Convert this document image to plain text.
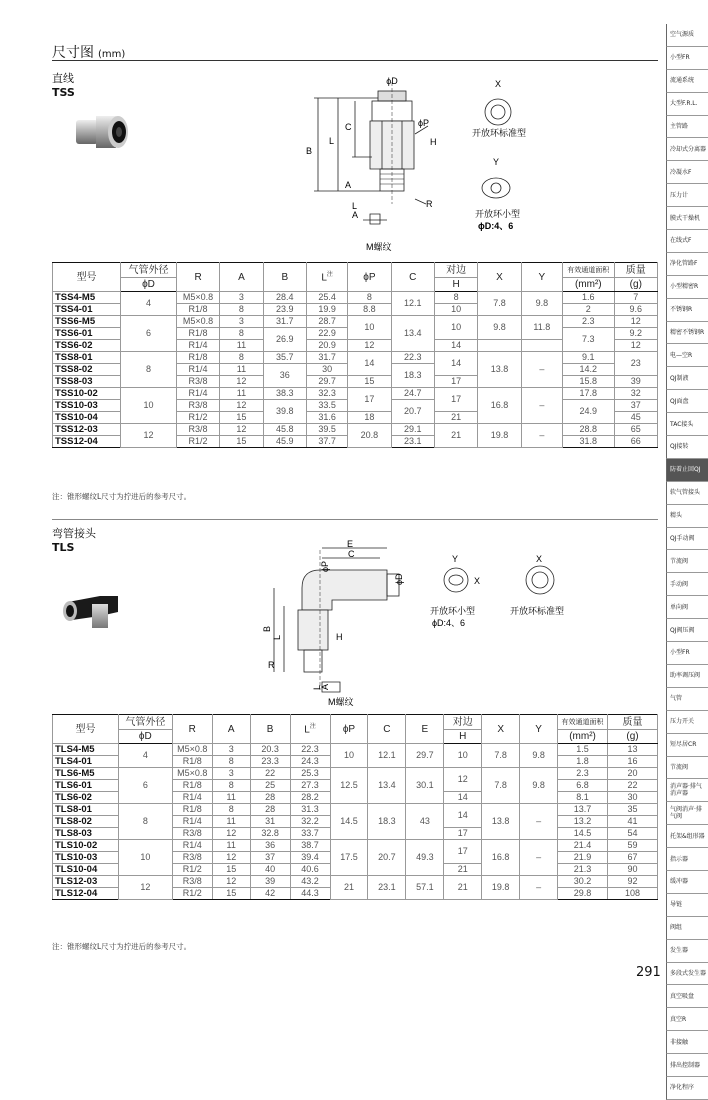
尺寸图 (mm)
直线
TSS
ϕD	X
Y
ϕP
C
L
B
H
A
R
开放环标准型
开放环小型
ϕD:4、6
A
L
M螺纹
型号	气管外径	R	A	B	$L^注$	ϕP	C	对边	X	Y	有效通道面积	质量
	ϕD							H			(mm²)	(g)
TSS4-M5	4	M5×0.8	3	28.4	25.4	8	12.1	8	7.8	9.8	1.6	7
TSS4-01		R1/8	8	23.9	19.9	8.8		10			2	9.6
TSS6-M5	6	M5×0.8	3	31.7	28.7	10	13.4	10	9.8	11.8	2.3	12
TSS6-01		R1/8	8	26.9	22.9						7.3	9.2
TSS6-02		R1/4	11		20.9	12		14				12
TSS8-01	8	R1/8	8	35.7	31.7	14	22.3	14	13.8	–	9.1	23
TSS8-02		R1/4	11	36	30		18.3				14.2	
TSS8-03		R3/8	12		29.7	15		17			15.8	39
TSS10-02	10	R1/4	11	38.3	32.3	17	24.7	17	16.8	–	17.8	32
TSS10-03		R3/8	12	39.8	33.5		20.7				24.9	37
TSS10-04		R1/2	15		31.6	18		21				45
TSS12-03	12	R3/8	12	45.8	39.5	20.8	29.1	21	19.8	–	28.8	65
TSS12-04		R1/2	15	45.9	37.7		23.1				31.8	66
注：锥形螺纹L尺寸为拧进后的参考尺寸。
弯管接头
TLS	E
ϕP
ϕD
C
B
L	H
R
A
L
M螺纹
Y
X
X
开放环小型
ϕD:4、6
开放环标准型
型号	气管外径	R	A	B	$L^注$	ϕP	C	E	对边	X	Y	有效通道面积	质量
	ϕD								H			(mm²)	(g)
TLS4-M5	4	M5×0.8	3	20.3	22.3	10	12.1	29.7	10	7.8	9.8	1.5	13
TLS4-01		R1/8	8	23.3	24.3							1.8	16
TLS6-M5	6	M5×0.8	3	22	25.3	12.5	13.4	30.1	12	7.8	9.8	2.3	20
TLS6-01		R1/8	8	25	27.3							6.8	22
TLS6-02		R1/4	11	28	28.2				14			8.1	30
TLS8-01	8	R1/8	8	28	31.3	14.5	18.3	43	14	13.8	–	13.7	35
TLS8-02		R1/4	11	31	32.2							13.2	41
TLS8-03		R3/8	12	32.8	33.7				17			14.5	54
TLS10-02	10	R1/4	11	36	38.7	17.5	20.7	49.3	17	16.8	–	21.4	59
TLS10-03		R3/8	12	37	39.4							21.9	67
TLS10-04		R1/2	15	40	40.6				21			21.3	90
TLS12-03	12	R3/8	12	39	43.2	21	23.1	57.1	21	19.8	–	30.2	92
TLS12-04		R1/2	15	42	44.3							29.8	108
注：锥形螺纹L尺寸为拧进后的参考尺寸。
291
空气源质
小型FR
流通系统
大型F.R.L.
主管路
冷却式分离器
冷凝水F
压力计
膜式干燥机
在线式F
净化管路F
小型精密R
不锈钢R
精密不锈钢R
电—空R
QJ制液
QJ面盘
TAC接头
QJ接转
防着止回QJ
软气管接头
精头
QJ手动阀
节流阀
手动阀
单向阀
QJ阀压阀
小型FR
助率调压阀
气管
压力开关
短尽居CR
节流阀
消声器·排气消声器
气阀消声·排气阀
托架&组形器
指示器
缓冲器
导链
阀组
发生器
多段式发生器
真空吸盘
真空R
非接触
排出控制器
净化程序
